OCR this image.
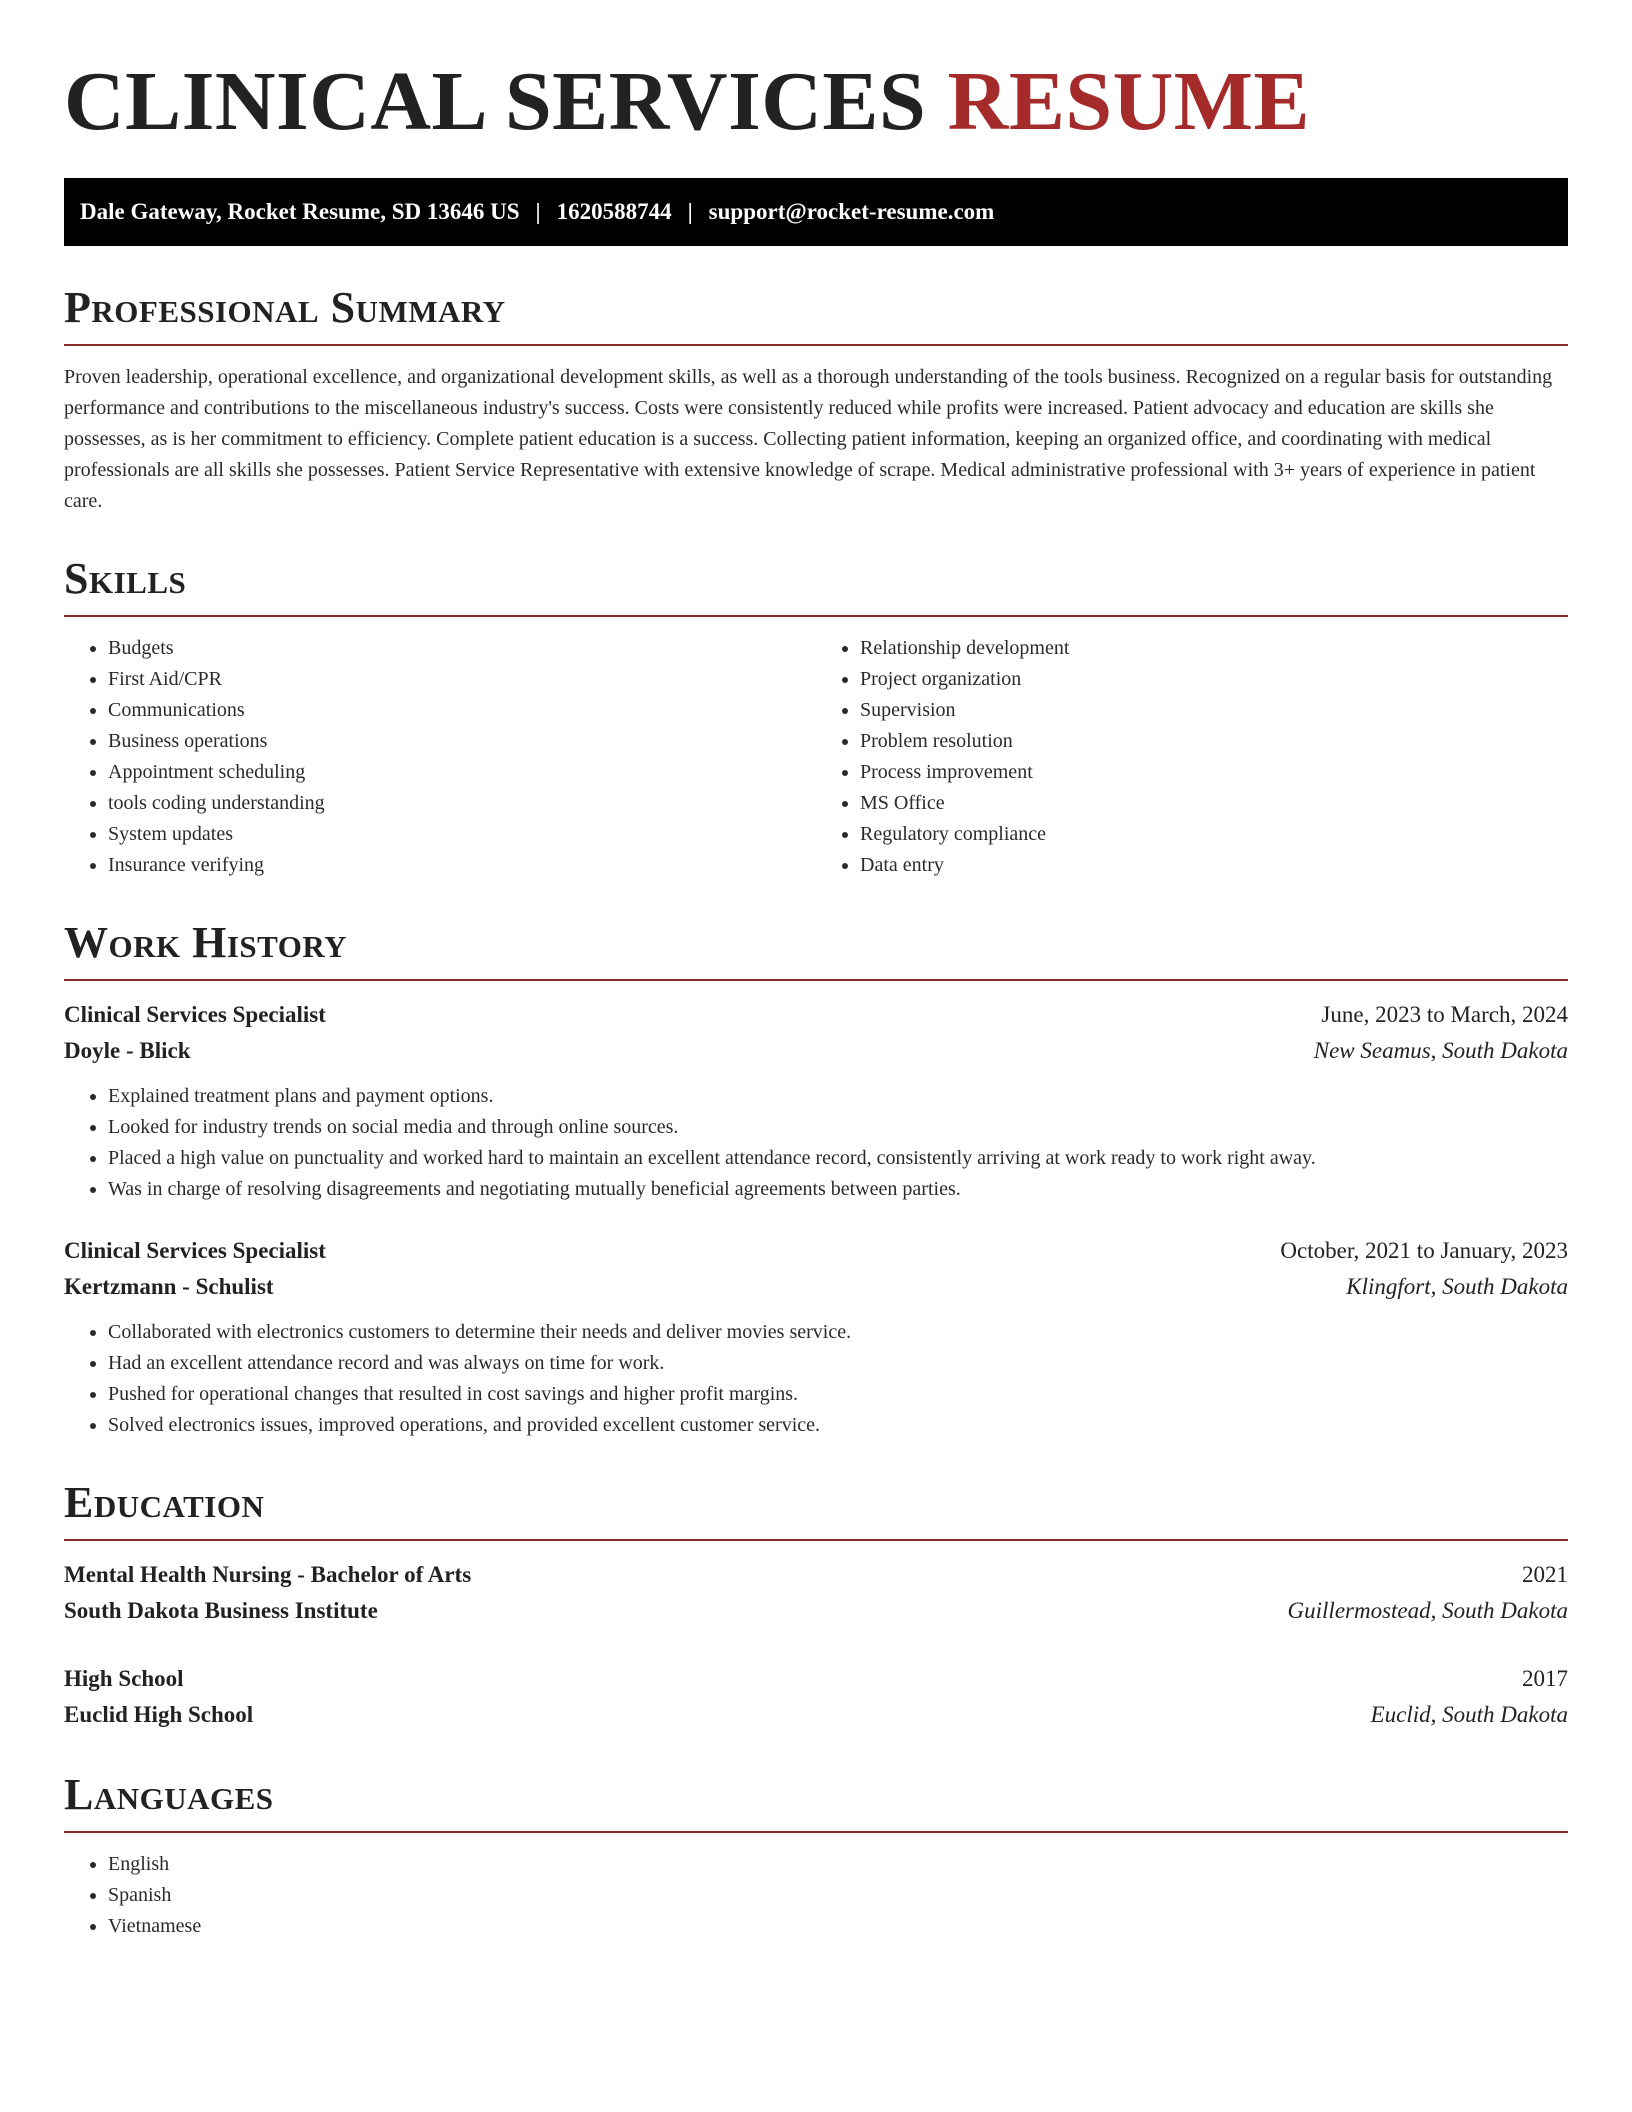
CLINICAL SERVICES RESUME
Dale Gateway, Rocket Resume, SD 13646 US | 1620588744 | support@rocket-resume.com
Professional Summary

Proven leadership, operational excellence, and organizational development skills, as well as a thorough understanding of the tools business. Recognized on a regular basis for outstanding performance and contributions to the miscellaneous industry's success. Costs were consistently reduced while profits were increased. Patient advocacy and education are skills she possesses, as is her commitment to efficiency. Complete patient education is a success. Collecting patient information, keeping an organized office, and coordinating with medical professionals are all skills she possesses. Patient Service Representative with extensive knowledge of scrape. Medical administrative professional with 3+ years of experience in patient care.

Skills
• Budgets
• First Aid/CPR
• Communications
• Business operations
• Appointment scheduling
• tools coding understanding
• System updates
• Insurance verifying
• Relationship development
• Project organization
• Supervision
• Problem resolution
• Process improvement
• MS Office
• Regulatory compliance
• Data entry
Work History
Clinical Services Specialist	June, 2023 to March, 2024
Doyle - Blick	New Seamus, South Dakota
• Explained treatment plans and payment options.
• Looked for industry trends on social media and through online sources.
• Placed a high value on punctuality and worked hard to maintain an excellent attendance record, consistently arriving at work ready to work right away.
• Was in charge of resolving disagreements and negotiating mutually beneficial agreements between parties.
Clinical Services Specialist	October, 2021 to January, 2023
Kertzmann - Schulist	Klingfort, South Dakota
• Collaborated with electronics customers to determine their needs and deliver movies service.
• Had an excellent attendance record and was always on time for work.
• Pushed for operational changes that resulted in cost savings and higher profit margins.
• Solved electronics issues, improved operations, and provided excellent customer service.
Education
Mental Health Nursing - Bachelor of Arts	2021
South Dakota Business Institute	Guillermostead, South Dakota
High School	2017
Euclid High School	Euclid, South Dakota
Languages
• English
• Spanish
• Vietnamese
